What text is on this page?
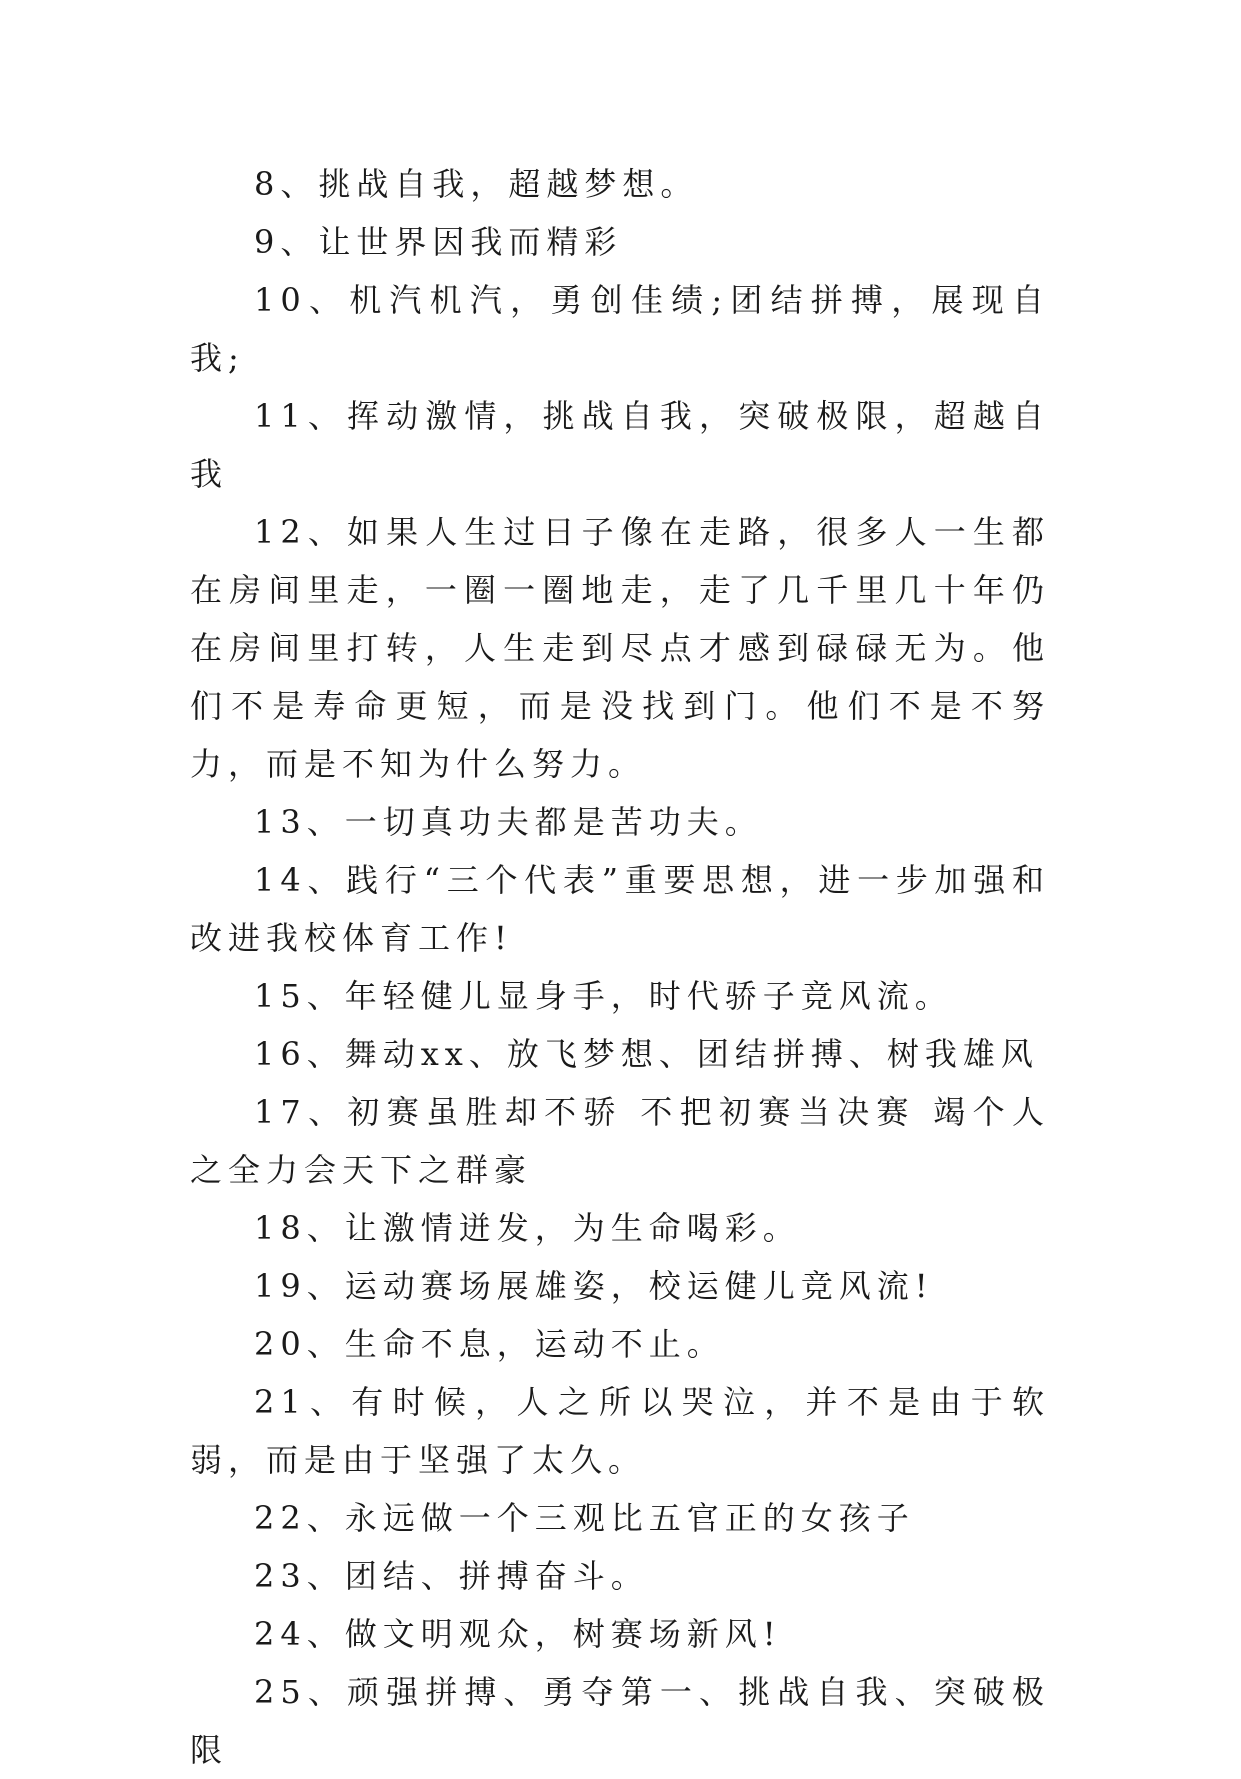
8、挑战自我，超越梦想。

9、让世界因我而精彩

10、机汽机汽，勇创佳绩;团结拼搏，展现自我;

11、挥动激情，挑战自我，突破极限，超越自我

12、如果人生过日子像在走路，很多人一生都在房间里走，一圈一圈地走，走了几千里几十年仍在房间里打转，人生走到尽点才感到碌碌无为。他们不是寿命更短，而是没找到门。他们不是不努力，而是不知为什么努力。

13、一切真功夫都是苦功夫。

14、践行“三个代表”重要思想，进一步加强和改进我校体育工作!

15、年轻健儿显身手，时代骄子竞风流。

16、舞动xx、放飞梦想、团结拼搏、树我雄风

17、初赛虽胜却不骄 不把初赛当决赛 竭个人之全力会天下之群豪

18、让激情迸发，为生命喝彩。

19、运动赛场展雄姿，校运健儿竞风流!

20、生命不息，运动不止。

21、有时候，人之所以哭泣，并不是由于软弱，而是由于坚强了太久。

22、永远做一个三观比五官正的女孩子

23、团结、拼搏奋斗。

24、做文明观众，树赛场新风!

25、顽强拼搏、勇夺第一、挑战自我、突破极限
